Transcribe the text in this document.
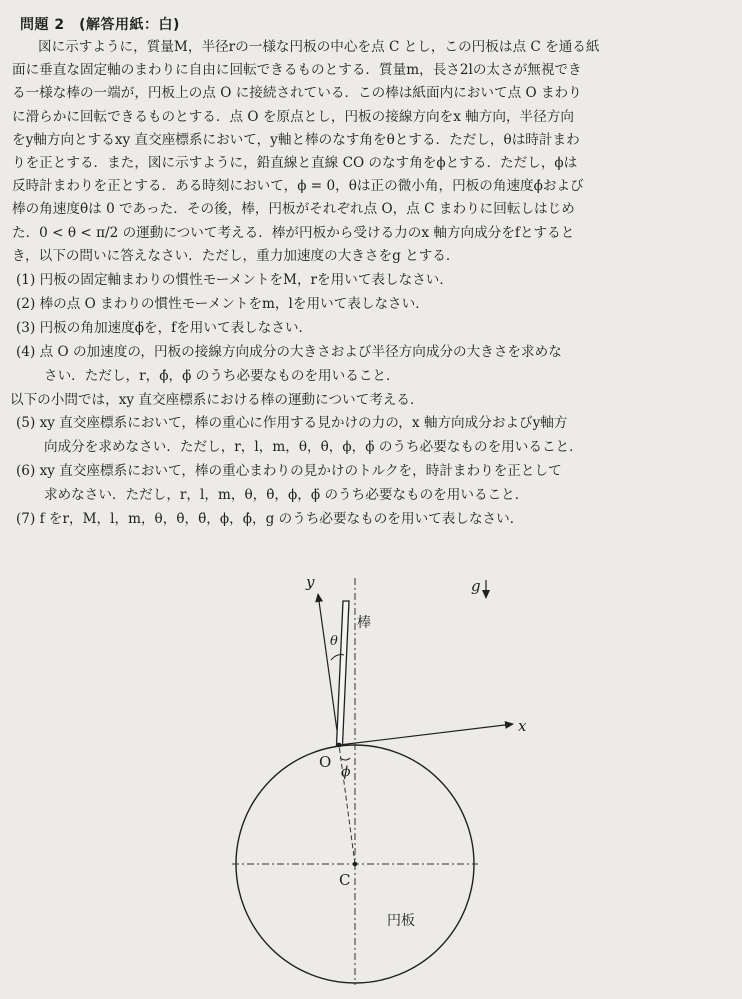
問題 2　(解答用紙：白)
図に示すように，質量M，半径rの一様な円板の中心を点 C とし，この円板は点 C を通る紙
面に垂直な固定軸のまわりに自由に回転できるものとする．質量m，長さ2lの太さが無視でき
る一様な棒の一端が，円板上の点 O に接続されている．この棒は紙面内において点 O まわり
に滑らかに回転できるものとする．点 O を原点とし，円板の接線方向をx 軸方向，半径方向
をy軸方向とするxy 直交座標系において，y軸と棒のなす角をθとする．ただし，θは時計まわ
りを正とする．また，図に示すように，鉛直線と直線 CO のなす角をϕとする．ただし，ϕは
反時計まわりを正とする．ある時刻において，ϕ = 0，θは正の微小角，円板の角速度ϕ̇および
棒の角速度θ̇は 0 であった．その後，棒，円板がそれぞれ点 O，点 C まわりに回転しはじめ
た．0 < θ < π/2 の運動について考える．棒が円板から受ける力のx 軸方向成分をfとすると
き，以下の問いに答えなさい．ただし，重力加速度の大きさをg とする．
(1) 円板の固定軸まわりの慣性モーメントをM，rを用いて表しなさい．
(2) 棒の点 O まわりの慣性モーメントをm，lを用いて表しなさい．
(3) 円板の角加速度ϕ̈を，fを用いて表しなさい．
(4) 点 O の加速度の，円板の接線方向成分の大きさおよび半径方向成分の大きさを求めな
さい．ただし，r，ϕ̇，ϕ̈ のうち必要なものを用いること．
以下の小問では，xy 直交座標系における棒の運動について考える．
(5) xy 直交座標系において，棒の重心に作用する見かけの力の，x 軸方向成分およびy軸方
向成分を求めなさい．ただし，r，l，m，θ，θ̇，ϕ，ϕ̈ のうち必要なものを用いること．
(6) xy 直交座標系において，棒の重心まわりの見かけのトルクを，時計まわりを正として
求めなさい．ただし，r，l，m，θ，θ̇，ϕ，ϕ̈ のうち必要なものを用いること．
(7) f をr，M，l，m，θ，θ̇，θ̈，ϕ，ϕ̇，g のうち必要なものを用いて表しなさい．
y
x
g
θ
棒
O
ϕ
C
円板
